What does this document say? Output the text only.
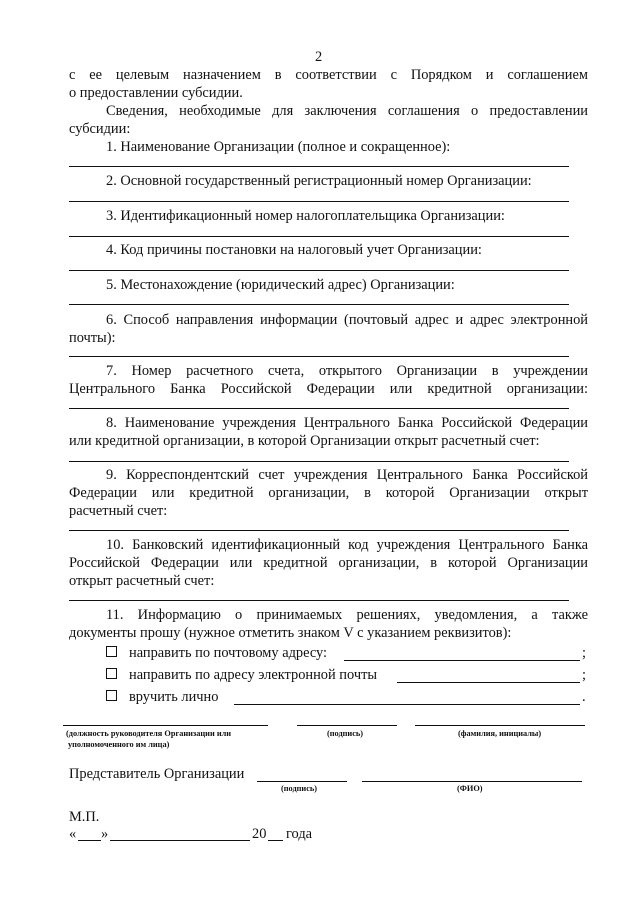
2
с ее целевым назначением в соответствии с Порядком и соглашением
о предоставлении субсидии.
Сведения, необходимые для заключения соглашения о предоставлении
субсидии:
1. Наименование Организации (полное и сокращенное):
2. Основной государственный регистрационный номер Организации:
3. Идентификационный номер налогоплательщика Организации:
4. Код причины постановки на налоговый учет Организации:
5. Местонахождение (юридический адрес) Организации:
6. Способ направления информации (почтовый адрес и адрес электронной
почты):
7. Номер расчетного счета, открытого Организации в учреждении
Центрального Банка Российской Федерации или кредитной организации:
8. Наименование учреждения Центрального Банка Российской Федерации
или кредитной организации, в которой Организации открыт расчетный счет:
9. Корреспондентский счет учреждения Центрального Банка Российской
Федерации или кредитной организации, в которой Организации открыт
расчетный счет:
10. Банковский идентификационный код учреждения Центрального Банка
Российской Федерации или кредитной организации, в которой Организации
открыт расчетный счет:
11. Информацию о принимаемых решениях, уведомления, а также
документы прошу (нужное отметить знаком V с указанием реквизитов):
направить по почтовому адресу:	;
направить по адресу электронной почты	;
вручить лично	.
(должность руководителя Организации или
уполномоченного им лица)
(подпись)	(фамилия, инициалы)
Представитель Организации
(подпись)	(ФИО)
М.П.
« »	20 года
